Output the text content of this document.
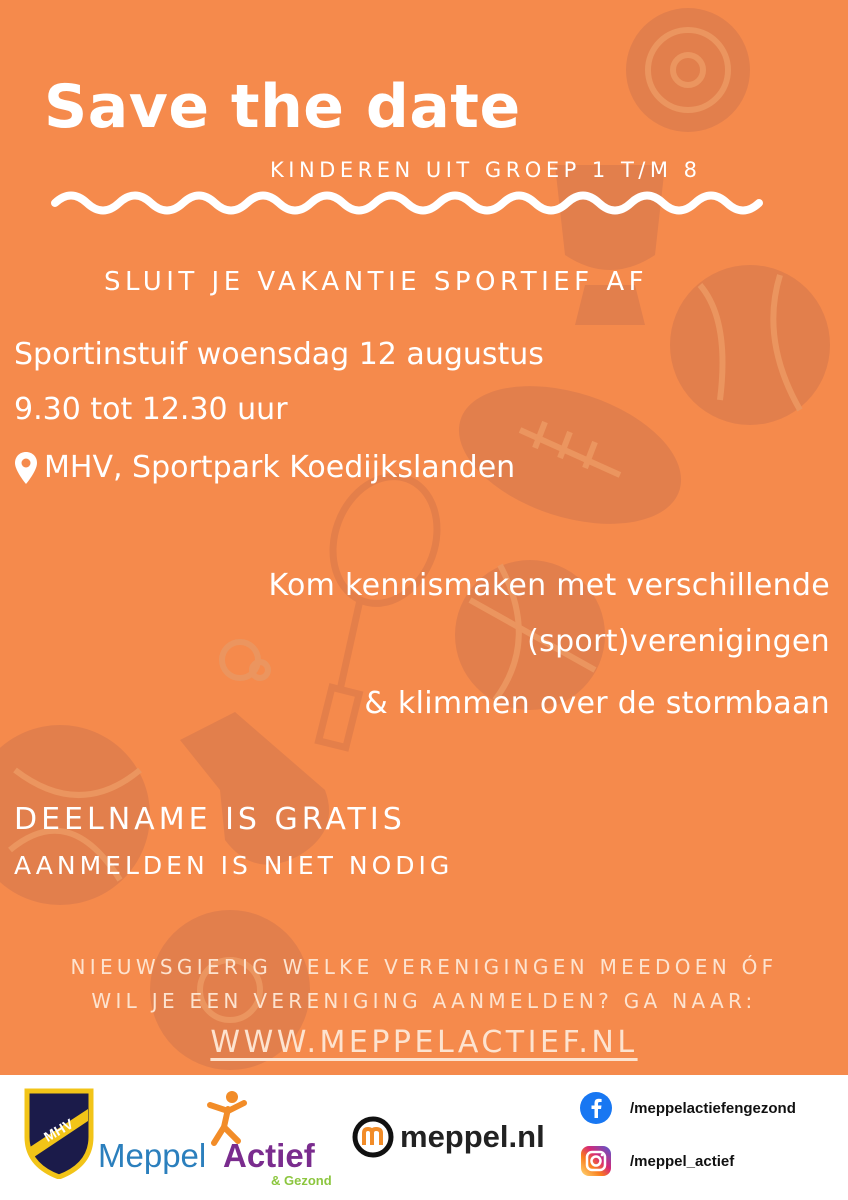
Save the date

KINDEREN UIT GROEP 1 T/M 8

SLUIT JE VAKANTIE SPORTIEF AF

Sportinstuif woensdag 12 augustus

9.30 tot 12.30 uur

MHV, Sportpark Koedijkslanden

Kom kennismaken met verschillende

(sport)verenigingen

& klimmen over de stormbaan

DEELNAME IS GRATIS

AANMELDEN IS NIET NODIG

NIEUWSGIERIG WELKE VERENIGINGEN MEEDOEN ÓF

WIL JE EEN VERENIGING AANMELDEN? GA NAAR:

WWW.MEPPELACTIEF.NL

MHV
Meppel Actief
& Gezond
meppel.nl
/meppelactiefengezond
/meppel_actief
